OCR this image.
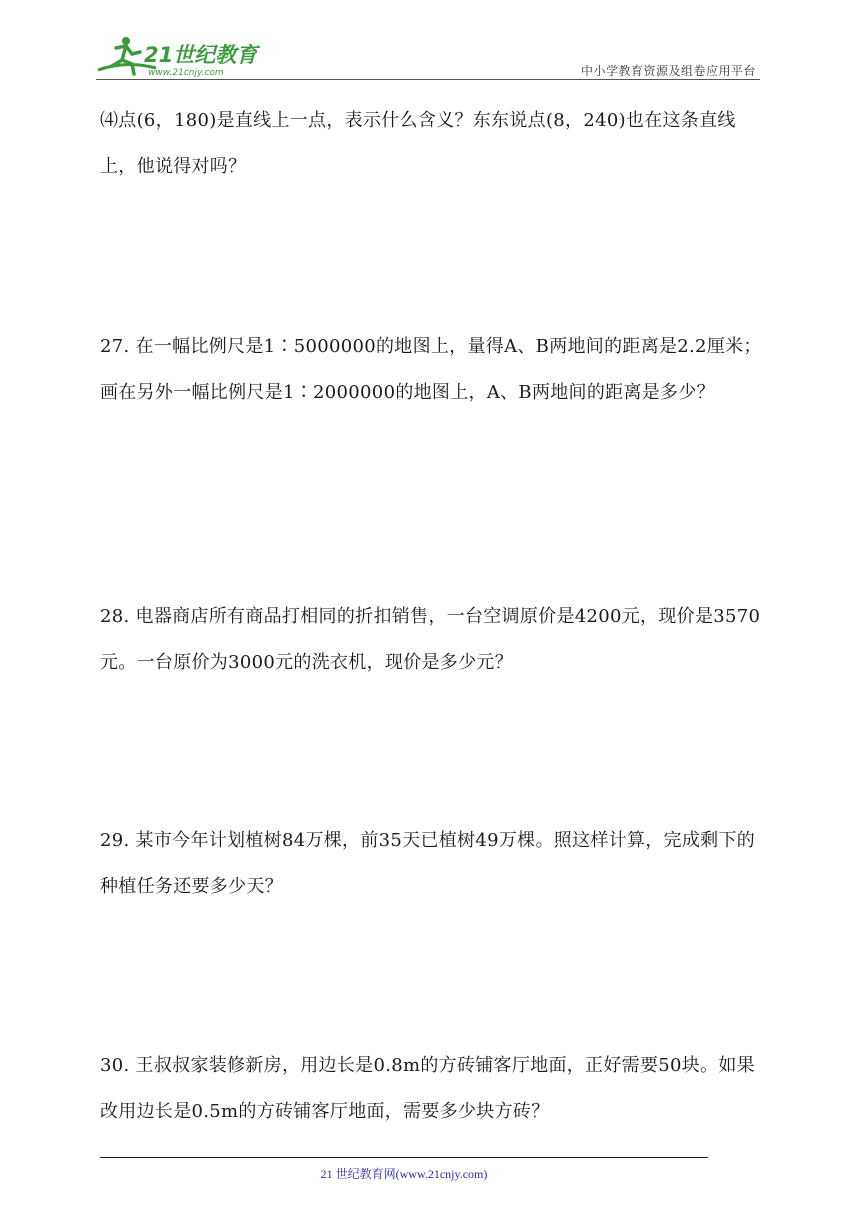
21世纪教育
www.21cnjy.com	中小学教育资源及组卷应用平台

⑷点(6，180)是直线上一点，表示什么含义？东东说点(8，240)也在这条直线上，他说得对吗？

27. 在一幅比例尺是1∶5000000的地图上，量得A、B两地间的距离是2.2厘米；画在另外一幅比例尺是1∶2000000的地图上，A、B两地间的距离是多少？

28. 电器商店所有商品打相同的折扣销售，一台空调原价是4200元，现价是3570元。一台原价为3000元的洗衣机，现价是多少元？

29. 某市今年计划植树84万棵，前35天已植树49万棵。照这样计算，完成剩下的种植任务还要多少天？

30. 王叔叔家装修新房，用边长是0.8m的方砖铺客厅地面，正好需要50块。如果改用边长是0.5m的方砖铺客厅地面，需要多少块方砖？

21 世纪教育网(www.21cnjy.com)
